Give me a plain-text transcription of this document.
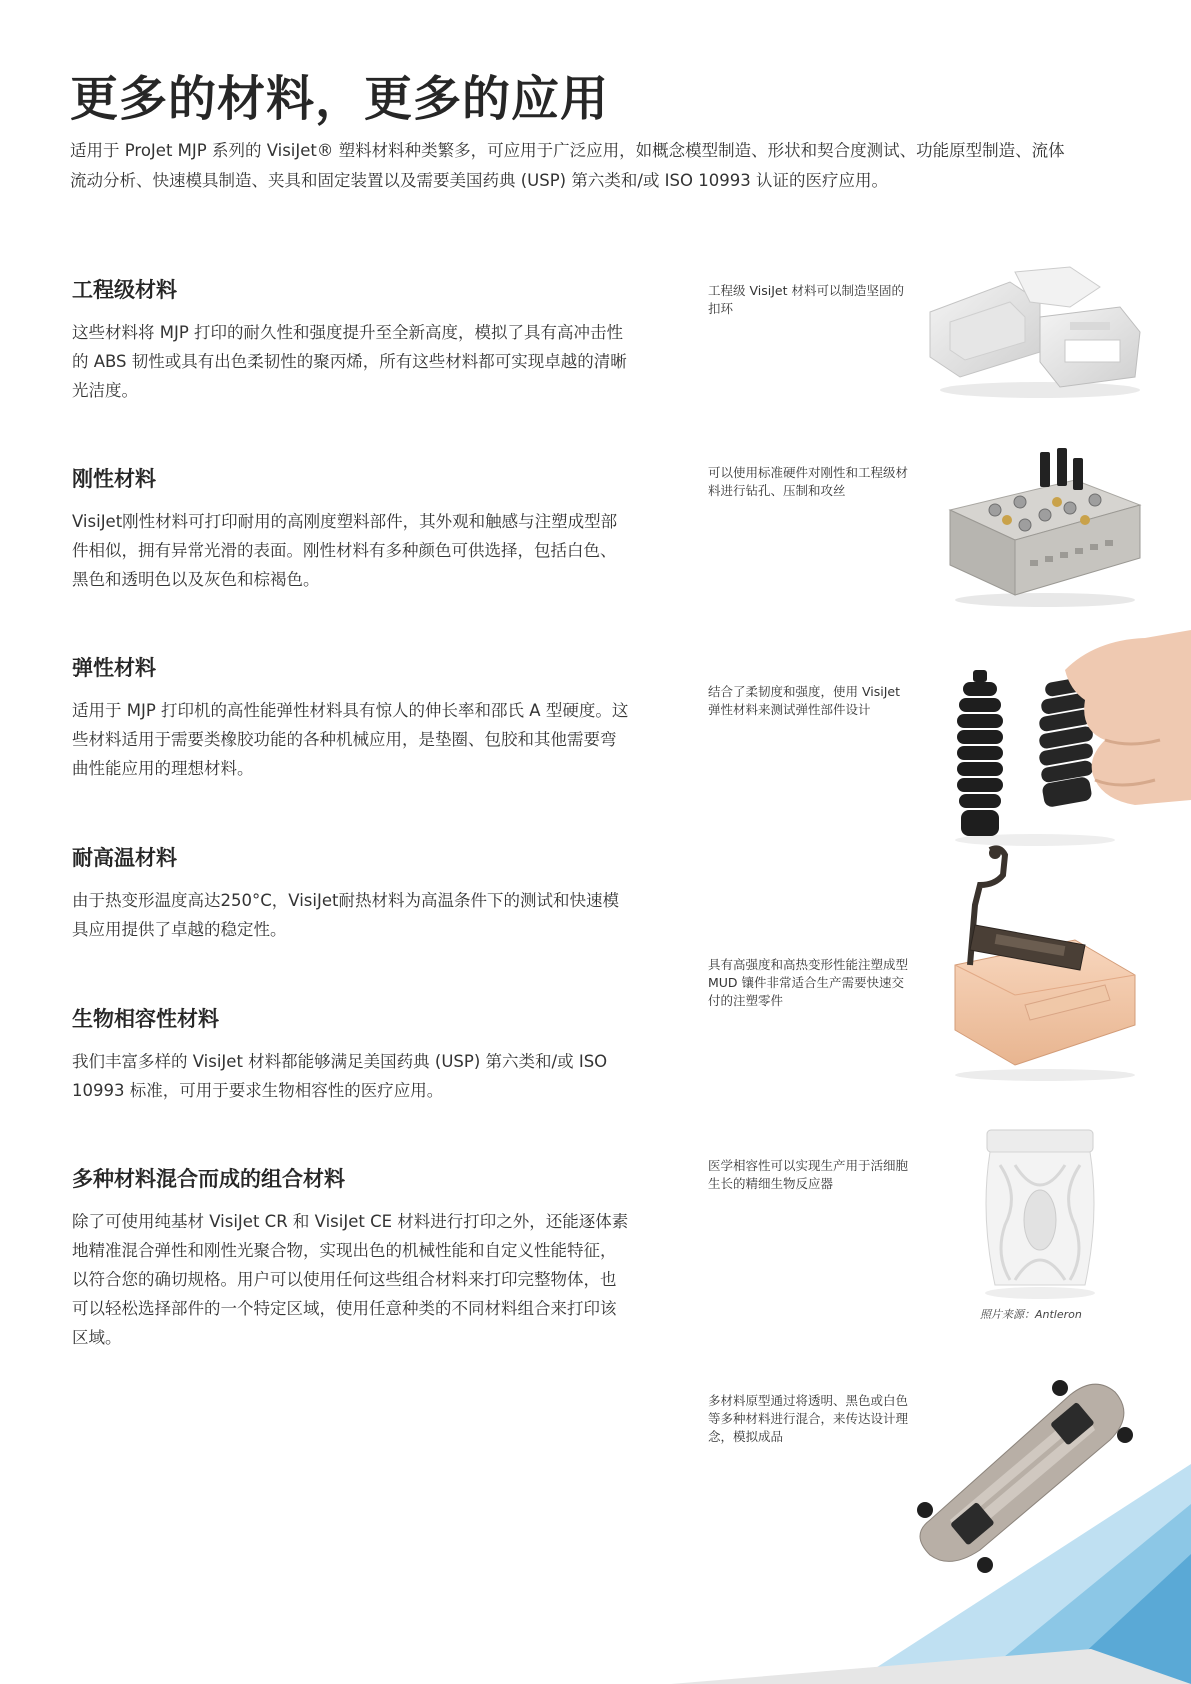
更多的材料，更多的应用

适用于 ProJet MJP 系列的 VisiJet® 塑料材料种类繁多，可应用于广泛应用，如概念模型制造、形状和契合度测试、功能原型制造、流体流动分析、快速模具制造、夹具和固定装置以及需要美国药典 (USP) 第六类和/或 ISO 10993 认证的医疗应用。

工程级材料

这些材料将 MJP 打印的耐久性和强度提升至全新高度，模拟了具有高冲击性的 ABS 韧性或具有出色柔韧性的聚丙烯，所有这些材料都可实现卓越的清晰光洁度。

刚性材料

VisiJet刚性材料可打印耐用的高刚度塑料部件，其外观和触感与注塑成型部件相似，拥有异常光滑的表面。刚性材料有多种颜色可供选择，包括白色、黑色和透明色以及灰色和棕褐色。

弹性材料

适用于 MJP 打印机的高性能弹性材料具有惊人的伸长率和邵氏 A 型硬度。这些材料适用于需要类橡胶功能的各种机械应用，是垫圈、包胶和其他需要弯曲性能应用的理想材料。

耐高温材料

由于热变形温度高达250°C，VisiJet耐热材料为高温条件下的测试和快速模具应用提供了卓越的稳定性。

生物相容性材料

我们丰富多样的 VisiJet 材料都能够满足美国药典 (USP) 第六类和/或 ISO 10993 标准，可用于要求生物相容性的医疗应用。

多种材料混合而成的组合材料

除了可使用纯基材 VisiJet CR 和 VisiJet CE 材料进行打印之外，还能逐体素地精准混合弹性和刚性光聚合物，实现出色的机械性能和自定义性能特征，以符合您的确切规格。用户可以使用任何这些组合材料来打印完整物体，也可以轻松选择部件的一个特定区域，使用任意种类的不同材料组合来打印该区域。

工程级 VisiJet 材料可以制造坚固的扣环
可以使用标准硬件对刚性和工程级材料进行钻孔、压制和攻丝
结合了柔韧度和强度，使用 VisiJet 弹性材料来测试弹性部件设计
具有高强度和高热变形性能注塑成型 MUD 镶件非常适合生产需要快速交付的注塑零件
医学相容性可以实现生产用于活细胞生长的精细生物反应器
多材料原型通过将透明、黑色或白色等多种材料进行混合，来传达设计理念，模拟成品
照片来源：Antleron
